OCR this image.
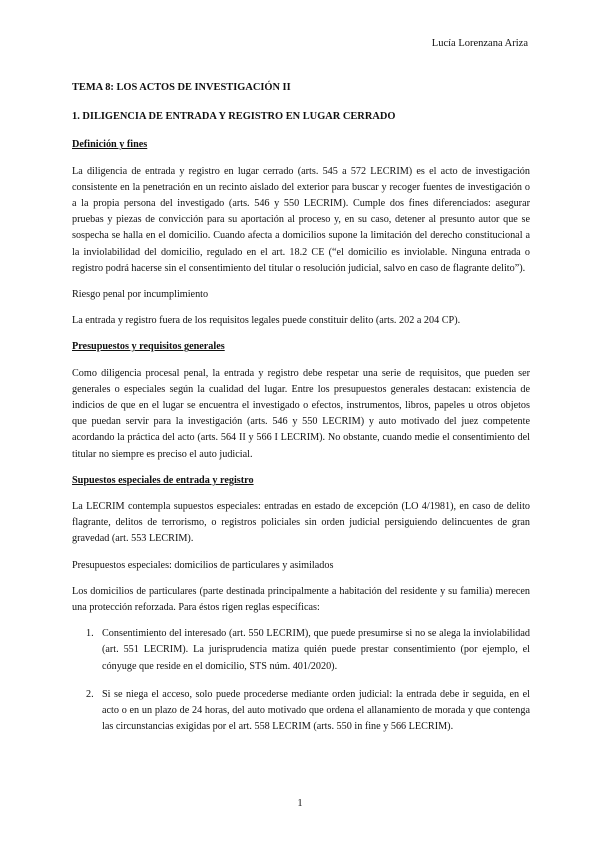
Lucía Lorenzana Ariza
TEMA 8: LOS ACTOS DE INVESTIGACIÓN II
1. DILIGENCIA DE ENTRADA Y REGISTRO EN LUGAR CERRADO
Definición y fines

La diligencia de entrada y registro en lugar cerrado (arts. 545 a 572 LECRIM) es el acto de investigación consistente en la penetración en un recinto aislado del exterior para buscar y recoger fuentes de investigación o a la propia persona del investigado (arts. 546 y 550 LECRIM). Cumple dos fines diferenciados: asegurar pruebas y piezas de convicción para su aportación al proceso y, en su caso, detener al presunto autor que se sospecha se halla en el domicilio. Cuando afecta a domicilios supone la limitación del derecho constitucional a la inviolabilidad del domicilio, regulado en el art. 18.2 CE (“el domicilio es inviolable. Ninguna entrada o registro podrá hacerse sin el consentimiento del titular o resolución judicial, salvo en caso de flagrante delito”).

Riesgo penal por incumplimiento

La entrada y registro fuera de los requisitos legales puede constituir delito (arts. 202 a 204 CP).

Presupuestos y requisitos generales

Como diligencia procesal penal, la entrada y registro debe respetar una serie de requisitos, que pueden ser generales o especiales según la cualidad del lugar. Entre los presupuestos generales destacan: existencia de indicios de que en el lugar se encuentra el investigado o efectos, instrumentos, libros, papeles u otros objetos que puedan servir para la investigación (arts. 546 y 550 LECRIM) y auto motivado del juez competente acordando la práctica del acto (arts. 564 II y 566 I LECRIM). No obstante, cuando medie el consentimiento del titular no siempre es preciso el auto judicial.

Supuestos especiales de entrada y registro

La LECRIM contempla supuestos especiales: entradas en estado de excepción (LO 4/1981), en caso de delito flagrante, delitos de terrorismo, o registros policiales sin orden judicial persiguiendo delincuentes de gran gravedad (art. 553 LECRIM).

Presupuestos especiales: domicilios de particulares y asimilados

Los domicilios de particulares (parte destinada principalmente a habitación del residente y su familia) merecen una protección reforzada. Para éstos rigen reglas específicas:

1. Consentimiento del interesado (art. 550 LECRIM), que puede presumirse si no se alega la inviolabilidad (art. 551 LECRIM). La jurisprudencia matiza quién puede prestar consentimiento (por ejemplo, el cónyuge que reside en el domicilio, STS núm. 401/2020).
2. Si se niega el acceso, solo puede procederse mediante orden judicial: la entrada debe ir seguida, en el acto o en un plazo de 24 horas, del auto motivado que ordena el allanamiento de morada y que contenga las circunstancias exigidas por el art. 558 LECRIM (arts. 550 in fine y 566 LECRIM).
1
